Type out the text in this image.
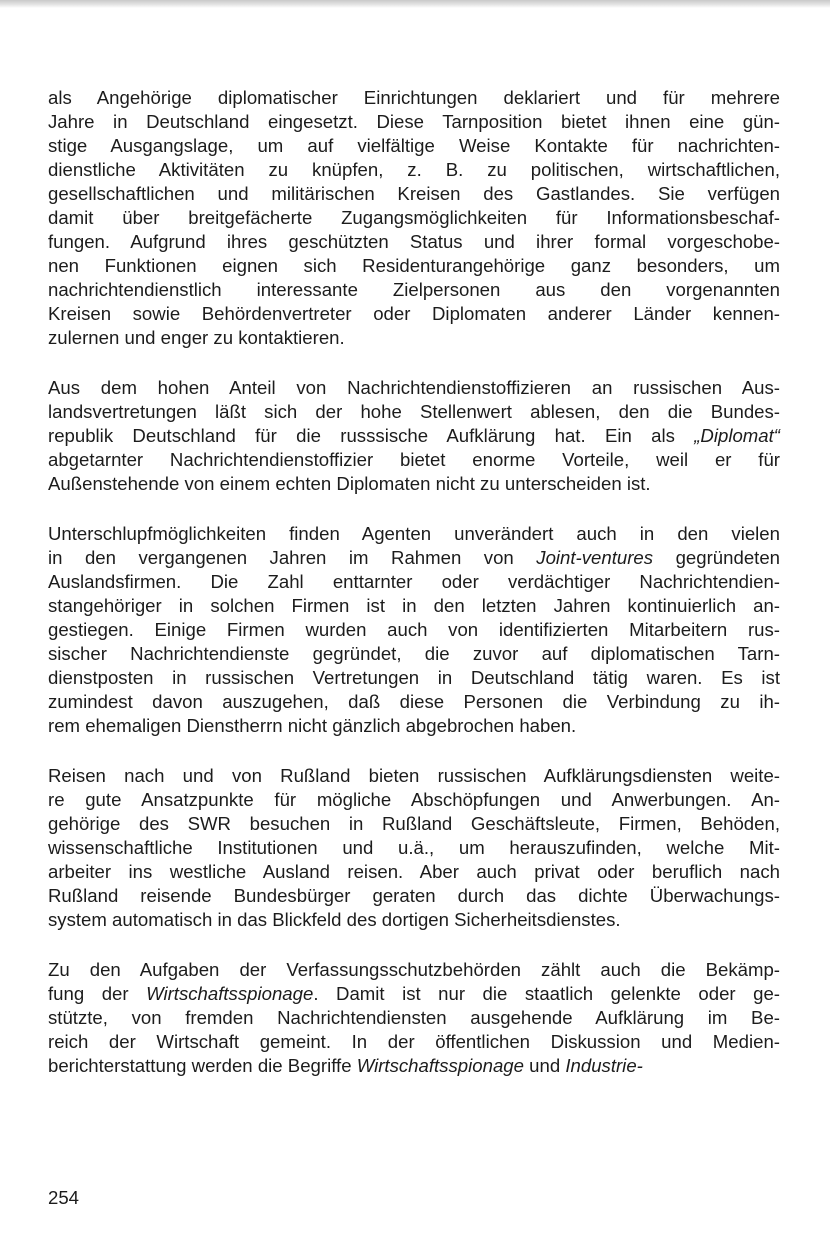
als Angehörige diplomatischer Einrichtungen deklariert und für mehrere
Jahre in Deutschland eingesetzt. Diese Tarnposition bietet ihnen eine gün-
stige Ausgangslage, um auf vielfältige Weise Kontakte für nachrichten-
dienstliche Aktivitäten zu knüpfen, z. B. zu politischen, wirtschaftlichen,
gesellschaftlichen und militärischen Kreisen des Gastlandes. Sie verfügen
damit über breitgefächerte Zugangsmöglichkeiten für Informationsbeschaf-
fungen. Aufgrund ihres geschützten Status und ihrer formal vorgeschobe-
nen Funktionen eignen sich Residenturangehörige ganz besonders, um
nachrichtendienstlich interessante Zielpersonen aus den vorgenannten
Kreisen sowie Behördenvertreter oder Diplomaten anderer Länder kennen-
zulernen und enger zu kontaktieren.

Aus dem hohen Anteil von Nachrichtendienstoffizieren an russischen Aus-
landsvertretungen läßt sich der hohe Stellenwert ablesen, den die Bundes-
republik Deutschland für die russsische Aufklärung hat. Ein als „Diplomat“
abgetarnter Nachrichtendienstoffizier bietet enorme Vorteile, weil er für
Außenstehende von einem echten Diplomaten nicht zu unterscheiden ist.

Unterschlupfmöglichkeiten finden Agenten unverändert auch in den vielen
in den vergangenen Jahren im Rahmen von Joint-ventures gegründeten
Auslandsfirmen. Die Zahl enttarnter oder verdächtiger Nachrichtendien-
stangehöriger in solchen Firmen ist in den letzten Jahren kontinuierlich an-
gestiegen. Einige Firmen wurden auch von identifizierten Mitarbeitern rus-
sischer Nachrichtendienste gegründet, die zuvor auf diplomatischen Tarn-
dienstposten in russischen Vertretungen in Deutschland tätig waren. Es ist
zumindest davon auszugehen, daß diese Personen die Verbindung zu ih-
rem ehemaligen Dienstherrn nicht gänzlich abgebrochen haben.

Reisen nach und von Rußland bieten russischen Aufklärungsdiensten weite-
re gute Ansatzpunkte für mögliche Abschöpfungen und Anwerbungen. An-
gehörige des SWR besuchen in Rußland Geschäftsleute, Firmen, Behöden,
wissenschaftliche Institutionen und u.ä., um herauszufinden, welche Mit-
arbeiter ins westliche Ausland reisen. Aber auch privat oder beruflich nach
Rußland reisende Bundesbürger geraten durch das dichte Überwachungs-
system automatisch in das Blickfeld des dortigen Sicherheitsdienstes.

Zu den Aufgaben der Verfassungsschutzbehörden zählt auch die Bekämp-
fung der Wirtschaftsspionage. Damit ist nur die staatlich gelenkte oder ge-
stützte, von fremden Nachrichtendiensten ausgehende Aufklärung im Be-
reich der Wirtschaft gemeint. In der öffentlichen Diskussion und Medien-
berichterstattung werden die Begriffe Wirtschaftsspionage und Industrie-

254
